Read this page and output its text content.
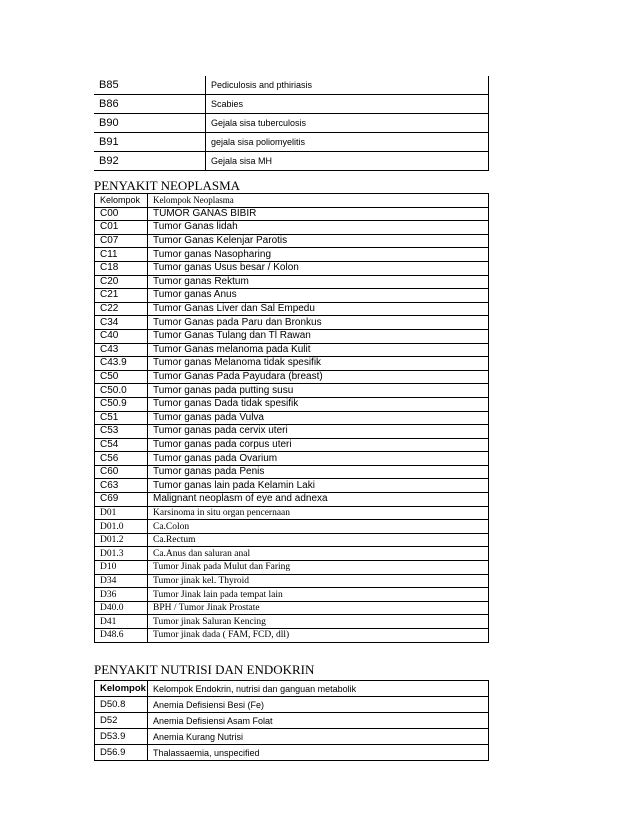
B85	Pediculosis and pthiriasis
B86	Scabies
B90	Gejala sisa tuberculosis
B91	gejala sisa poliomyelitis
B92	Gejala sisa MH
PENYAKIT NEOPLASMA
Kelompok	Kelompok Neoplasma
C00	TUMOR GANAS BIBIR
C01	Tumor Ganas lidah
C07	Tumor Ganas Kelenjar Parotis
C11	Tumor ganas Nasopharing
C18	Tumor ganas Usus besar / Kolon
C20	Tumor ganas Rektum
C21	Tumor ganas Anus
C22	Tumor Ganas Liver dan Sal Empedu
C34	Tumor Ganas pada Paru dan Bronkus
C40	Tumor Ganas Tulang dan Tl Rawan
C43	Tumor Ganas melanoma pada Kulit
C43.9	Tumor ganas Melanoma tidak spesifik
C50	Tumor Ganas Pada Payudara (breast)
C50.0	Tumor ganas pada putting susu
C50.9	Tumor ganas Dada tidak spesifik
C51	Tumor ganas pada Vulva
C53	Tumor ganas pada cervix uteri
C54	Tumor ganas pada corpus uteri
C56	Tumor ganas pada Ovarium
C60	Tumor ganas pada Penis
C63	Tumor ganas lain pada Kelamin Laki
C69	Malignant neoplasm of eye and adnexa
D01	Karsinoma in situ organ pencernaan
D01.0	Ca.Colon
D01.2	Ca.Rectum
D01.3	Ca.Anus dan saluran anal
D10	Tumor Jinak pada Mulut dan Faring
D34	Tumor jinak kel. Thyroid
D36	Tumor Jinak lain pada tempat lain
D40.0	BPH / Tumor Jinak Prostate
D41	Tumor jinak Saluran Kencing
D48.6	Tumor jinak dada ( FAM, FCD, dll)
PENYAKIT NUTRISI DAN ENDOKRIN
Kelompok	Kelompok Endokrin, nutrisi dan ganguan metabolik
D50.8	Anemia Defisiensi Besi (Fe)
D52	Anemia Defisiensi Asam Folat
D53.9	Anemia Kurang Nutrisi
D56.9	Thalassaemia, unspecified
